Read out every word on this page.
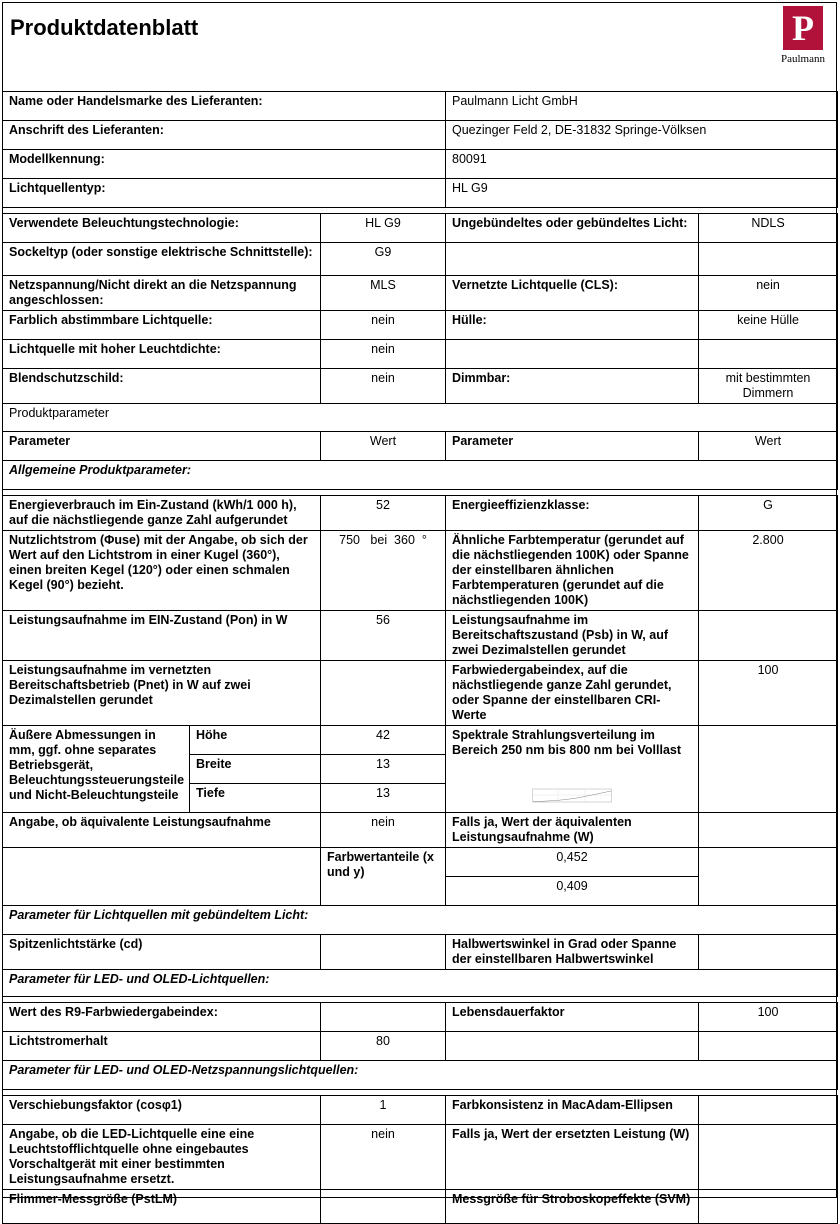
Produktdatenblatt	P
Paulmann
Name oder Handelsmarke des Lieferanten:			Paulmann Licht GmbH	
Anschrift des Lieferanten:			Quezinger Feld 2, DE-31832 Springe-Völksen	
Modellkennung:			80091	
Lichtquellentyp:			HL G9	

Verwendete Beleuchtungstechnologie:		HL G9	Ungebündeltes oder gebündeltes Licht:	NDLS
Sockeltyp (oder sonstige elektrische Schnittstelle):		G9		
Netzspannung/Nicht direkt an die Netzspannung angeschlossen:		MLS	Vernetzte Lichtquelle (CLS):	nein
Farblich abstimmbare Lichtquelle:		nein	Hülle:	keine Hülle
Lichtquelle mit hoher Leuchtdichte:		nein		
Blendschutzschild:		nein	Dimmbar:	mit bestimmten Dimmern
Produktparameter				
Parameter		Wert	Parameter	Wert
Allgemeine Produktparameter:				

Energieverbrauch im Ein-Zustand (kWh/1 000 h), auf die nächstliegende ganze Zahl aufgerundet		52	Energieeffizienzklasse:	G
Nutzlichtstrom (Φuse) mit der Angabe, ob sich der Wert auf den Lichtstrom in einer Kugel (360°), einen breiten Kegel (120°) oder einen schmalen Kegel (90°) bezieht.		750   bei  360  °	Ähnliche Farbtemperatur (gerundet auf die nächstliegenden 100K) oder Spanne der einstellbaren ähnlichen Farbtemperaturen (gerundet auf die nächstliegenden 100K)	2.800
Leistungsaufnahme im EIN-Zustand (Pon) in W		56	Leistungsaufnahme im Bereitschaftszustand (Psb) in W, auf zwei Dezimalstellen gerundet	
Leistungsaufnahme im vernetzten Bereitschaftsbetrieb (Pnet) in W auf zwei Dezimalstellen gerundet			Farbwiedergabeindex, auf die nächstliegende ganze Zahl gerundet, oder Spanne der einstellbaren CRI-Werte	100
Äußere Abmessungen in mm, ggf. ohne separates Betriebsgerät, Beleuchtungssteuerungsteile und Nicht-Beleuchtungsteile	Höhe	42	Spektrale Strahlungsverteilung im Bereich 250 nm bis 800 nm bei Volllast

	Breite	13		
	Tiefe	13		
Angabe, ob äquivalente Leistungsaufnahme		nein	Falls ja, Wert der äquivalenten Leistungsaufnahme (W)	
		Farbwertanteile (x und y)	0,452	
			0,409	
Parameter für Lichtquellen mit gebündeltem Licht:				
Spitzenlichtstärke (cd)			Halbwertswinkel in Grad oder Spanne der einstellbaren Halbwertswinkel	
Parameter für LED- und OLED-Lichtquellen:				

Wert des R9-Farbwiedergabeindex:			Lebensdauerfaktor	100
Lichtstromerhalt		80		
Parameter für LED- und OLED-Netzspannungslichtquellen:				

Verschiebungsfaktor (cosφ1)		1	Farbkonsistenz in MacAdam-Ellipsen	
Angabe, ob die LED-Lichtquelle eine eine Leuchtstofflichtquelle ohne eingebautes Vorschaltgerät mit einer bestimmten Leistungsaufnahme ersetzt.		nein	Falls ja, Wert der ersetzten Leistung (W)	
Flimmer-Messgröße (PstLM)			Messgröße für Stroboskopeffekte (SVM)	
